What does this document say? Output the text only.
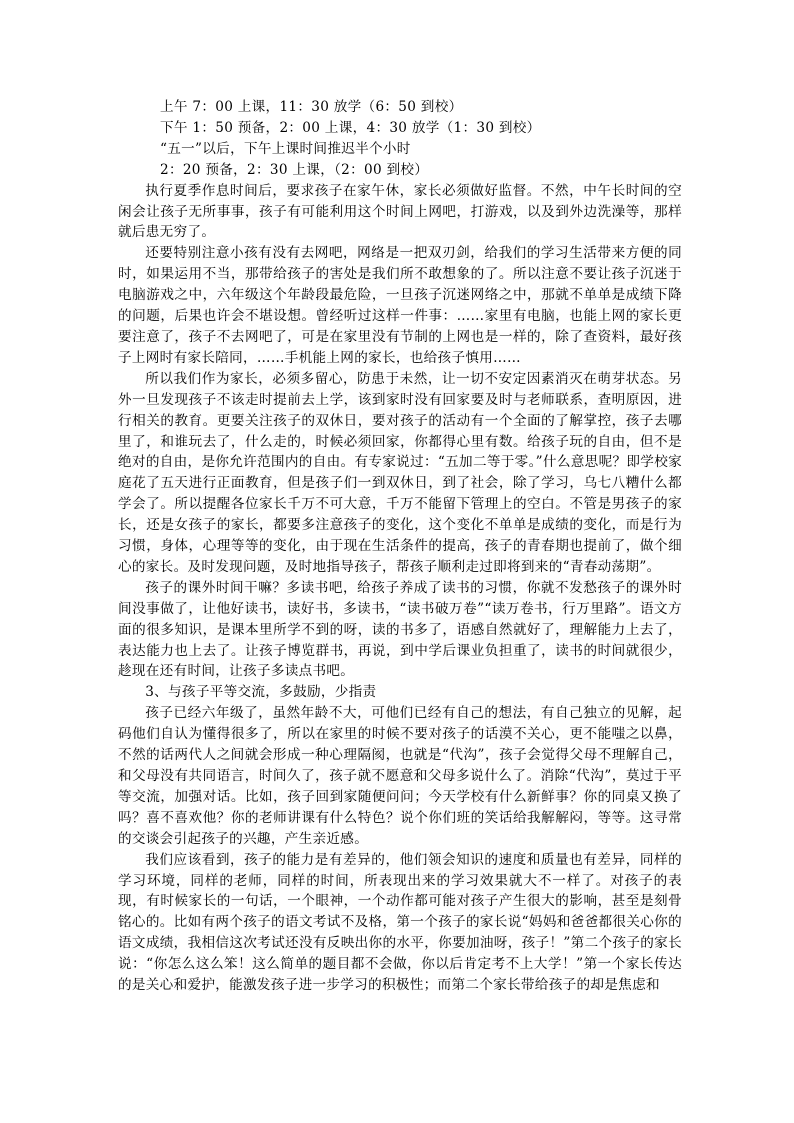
上午 7：00 上课，11：30 放学（6：50 到校）

下午 1：50 预备，2：00 上课，4：30 放学（1：30 到校）

“五一”以后，下午上课时间推迟半个小时

2：20 预备，2：30 上课，（2：00 到校）

执行夏季作息时间后，要求孩子在家午休，家长必须做好监督。不然，中午长时间的空闲会让孩子无所事事，孩子有可能利用这个时间上网吧，打游戏，以及到外边洗澡等，那样就后患无穷了。

还要特别注意小孩有没有去网吧，网络是一把双刃剑，给我们的学习生活带来方便的同时，如果运用不当，那带给孩子的害处是我们所不敢想象的了。所以注意不要让孩子沉迷于电脑游戏之中，六年级这个年龄段最危险，一旦孩子沉迷网络之中，那就不单单是成绩下降的问题，后果也许会不堪设想。曾经听过这样一件事：……家里有电脑，也能上网的家长更要注意了，孩子不去网吧了，可是在家里没有节制的上网也是一样的，除了查资料，最好孩子上网时有家长陪同，……手机能上网的家长，也给孩子慎用……

所以我们作为家长，必须多留心，防患于未然，让一切不安定因素消灭在萌芽状态。另外一旦发现孩子不该走时提前去上学，该到家时没有回家要及时与老师联系，查明原因，进行相关的教育。更要关注孩子的双休日，要对孩子的活动有一个全面的了解掌控，孩子去哪里了，和谁玩去了，什么走的，时候必须回家，你都得心里有数。给孩子玩的自由，但不是绝对的自由，是你允许范围内的自由。有专家说过：“五加二等于零。”什么意思呢？即学校家庭花了五天进行正面教育，但是孩子们一到双休日，到了社会，除了学习，乌七八糟什么都学会了。所以提醒各位家长千万不可大意，千万不能留下管理上的空白。不管是男孩子的家长，还是女孩子的家长，都要多注意孩子的变化，这个变化不单单是成绩的变化，而是行为习惯，身体，心理等等的变化，由于现在生活条件的提高，孩子的青春期也提前了，做个细心的家长。及时发现问题，及时地指导孩子，帮孩子顺利走过即将到来的“青春动荡期”。

孩子的课外时间干嘛？多读书吧，给孩子养成了读书的习惯，你就不发愁孩子的课外时间没事做了，让他好读书，读好书，多读书，“读书破万卷”“读万卷书，行万里路”。语文方面的很多知识，是课本里所学不到的呀，读的书多了，语感自然就好了，理解能力上去了，表达能力也上去了。让孩子博览群书，再说，到中学后课业负担重了，读书的时间就很少，趁现在还有时间，让孩子多读点书吧。

3、与孩子平等交流，多鼓励，少指责

孩子已经六年级了，虽然年龄不大，可他们已经有自己的想法，有自己独立的见解，起码他们自认为懂得很多了，所以在家里的时候不要对孩子的话漠不关心，更不能嗤之以鼻，不然的话两代人之间就会形成一种心理隔阂，也就是“代沟”，孩子会觉得父母不理解自己，和父母没有共同语言，时间久了，孩子就不愿意和父母多说什么了。消除“代沟”，莫过于平等交流，加强对话。比如，孩子回到家随便问问；今天学校有什么新鲜事？你的同桌又换了吗？喜不喜欢他？你的老师讲课有什么特色？说个你们班的笑话给我解解闷，等等。这寻常的交谈会引起孩子的兴趣，产生亲近感。

我们应该看到，孩子的能力是有差异的，他们领会知识的速度和质量也有差异，同样的学习环境，同样的老师，同样的时间，所表现出来的学习效果就大不一样了。对孩子的表现，有时候家长的一句话，一个眼神，一个动作都可能对孩子产生很大的影响，甚至是刻骨铭心的。比如有两个孩子的语文考试不及格，第一个孩子的家长说“妈妈和爸爸都很关心你的语文成绩，我相信这次考试还没有反映出你的水平，你要加油呀，孩子！”第二个孩子的家长说：“你怎么这么笨！这么简单的题目都不会做，你以后肯定考不上大学！”第一个家长传达的是关心和爱护，能激发孩子进一步学习的积极性；而第二个家长带给孩子的却是焦虑和
